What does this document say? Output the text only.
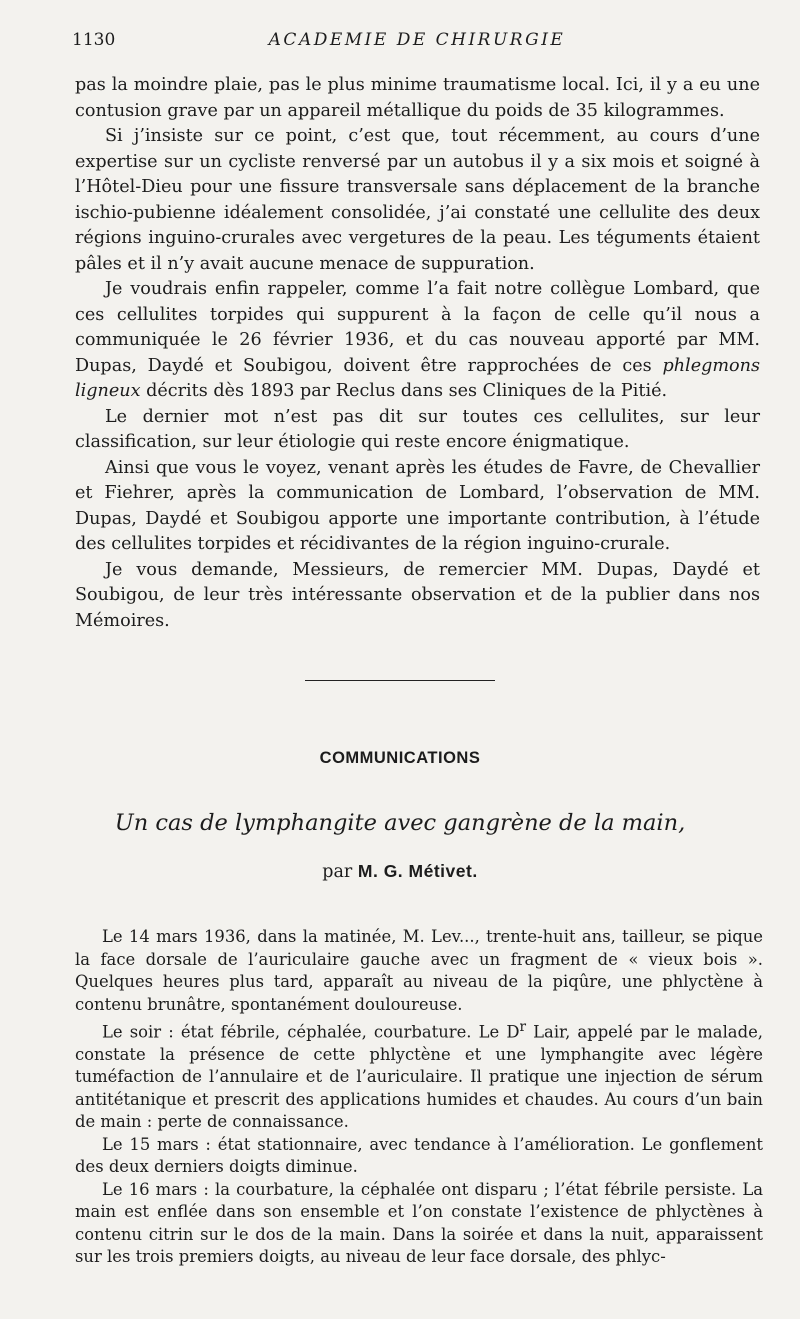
1130	ACADEMIE DE CHIRURGIE

pas la moindre plaie, pas le plus minime traumatisme local. Ici, il y a eu une contusion grave par un appareil métallique du poids de 35 kilogrammes.

Si j’insiste sur ce point, c’est que, tout récemment, au cours d’une expertise sur un cycliste renversé par un autobus il y a six mois et soigné à l’Hôtel-Dieu pour une fissure transversale sans déplacement de la branche ischio-pubienne idéalement consolidée, j’ai constaté une cellulite des deux régions inguino-crurales avec vergetures de la peau. Les téguments étaient pâles et il n’y avait aucune menace de suppuration.

Je voudrais enfin rappeler, comme l’a fait notre collègue Lombard, que ces cellulites torpides qui suppurent à la façon de celle qu’il nous a communiquée le 26 février 1936, et du cas nouveau apporté par MM. Dupas, Daydé et Soubigou, doivent être rapprochées de ces phlegmons ligneux décrits dès 1893 par Reclus dans ses Cliniques de la Pitié.

Le dernier mot n’est pas dit sur toutes ces cellulites, sur leur classification, sur leur étiologie qui reste encore énigmatique.

Ainsi que vous le voyez, venant après les études de Favre, de Chevallier et Fiehrer, après la communication de Lombard, l’observation de MM. Dupas, Daydé et Soubigou apporte une importante contribution, à l’étude des cellulites torpides et récidivantes de la région inguino-crurale.

Je vous demande, Messieurs, de remercier MM. Dupas, Daydé et Soubigou, de leur très intéressante observation et de la publier dans nos Mémoires.

COMMUNICATIONS
Un cas de lymphangite avec gangrène de la main,
par M. G. Métivet.

Le 14 mars 1936, dans la matinée, M. Lev..., trente-huit ans, tailleur, se pique la face dorsale de l’auriculaire gauche avec un fragment de « vieux bois ». Quelques heures plus tard, apparaît au niveau de la piqûre, une phlyctène à contenu brunâtre, spontanément douloureuse.

Le soir : état fébrile, céphalée, courbature. Le $D^r$ Lair, appelé par le malade, constate la présence de cette phlyctène et une lymphangite avec légère tuméfaction de l’annulaire et de l’auriculaire. Il pratique une injection de sérum antitétanique et prescrit des applications humides et chaudes. Au cours d’un bain de main : perte de connaissance.

Le 15 mars : état stationnaire, avec tendance à l’amélioration. Le gonflement des deux derniers doigts diminue.

Le 16 mars : la courbature, la céphalée ont disparu ; l’état fébrile persiste. La main est enflée dans son ensemble et l’on constate l’existence de phlyctènes à contenu citrin sur le dos de la main. Dans la soirée et dans la nuit, apparaissent sur les trois premiers doigts, au niveau de leur face dorsale, des phlyc-
